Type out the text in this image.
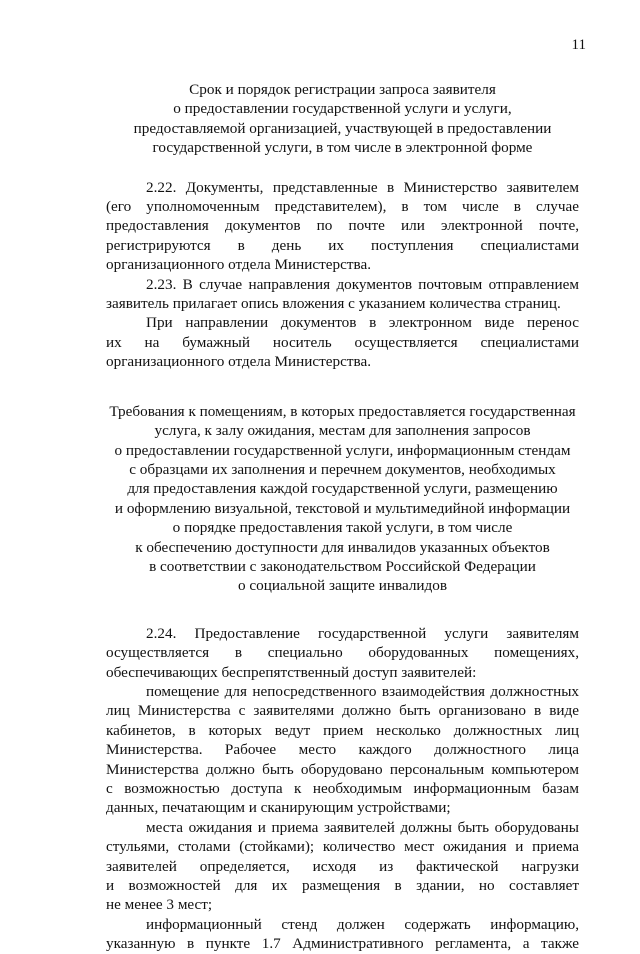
11
Срок и порядок регистрации запроса заявителя
о предоставлении государственной услуги и услуги,
предоставляемой организацией, участвующей в предоставлении
государственной услуги, в том числе в электронной форме
2.22. Документы, представленные в Министерство заявителем
(его уполномоченным представителем), в том числе в случае
предоставления документов по почте или электронной почте,
регистрируются в день их поступления специалистами
организационного отдела Министерства.
2.23. В случае направления документов почтовым отправлением
заявитель прилагает опись вложения с указанием количества страниц.
При направлении документов в электронном виде перенос
их на бумажный носитель осуществляется специалистами
организационного отдела Министерства.
Требования к помещениям, в которых предоставляется государственная
услуга, к залу ожидания, местам для заполнения запросов
о предоставлении государственной услуги, информационным стендам
с образцами их заполнения и перечнем документов, необходимых
для предоставления каждой государственной услуги, размещению
и оформлению визуальной, текстовой и мультимедийной информации
о порядке предоставления такой услуги, в том числе
к обеспечению доступности для инвалидов указанных объектов
в соответствии с законодательством Российской Федерации
о социальной защите инвалидов
2.24. Предоставление государственной услуги заявителям
осуществляется в специально оборудованных помещениях,
обеспечивающих беспрепятственный доступ заявителей:
помещение для непосредственного взаимодействия должностных
лиц Министерства с заявителями должно быть организовано в виде
кабинетов, в которых ведут прием несколько должностных лиц
Министерства. Рабочее место каждого должностного лица
Министерства должно быть оборудовано персональным компьютером
с возможностью доступа к необходимым информационным базам
данных, печатающим и сканирующим устройствами;
места ожидания и приема заявителей должны быть оборудованы
стульями, столами (стойками); количество мест ожидания и приема
заявителей определяется, исходя из фактической нагрузки
и возможностей для их размещения в здании, но составляет
не менее 3 мест;
информационный стенд должен содержать информацию,
указанную в пункте 1.7 Административного регламента, а также
